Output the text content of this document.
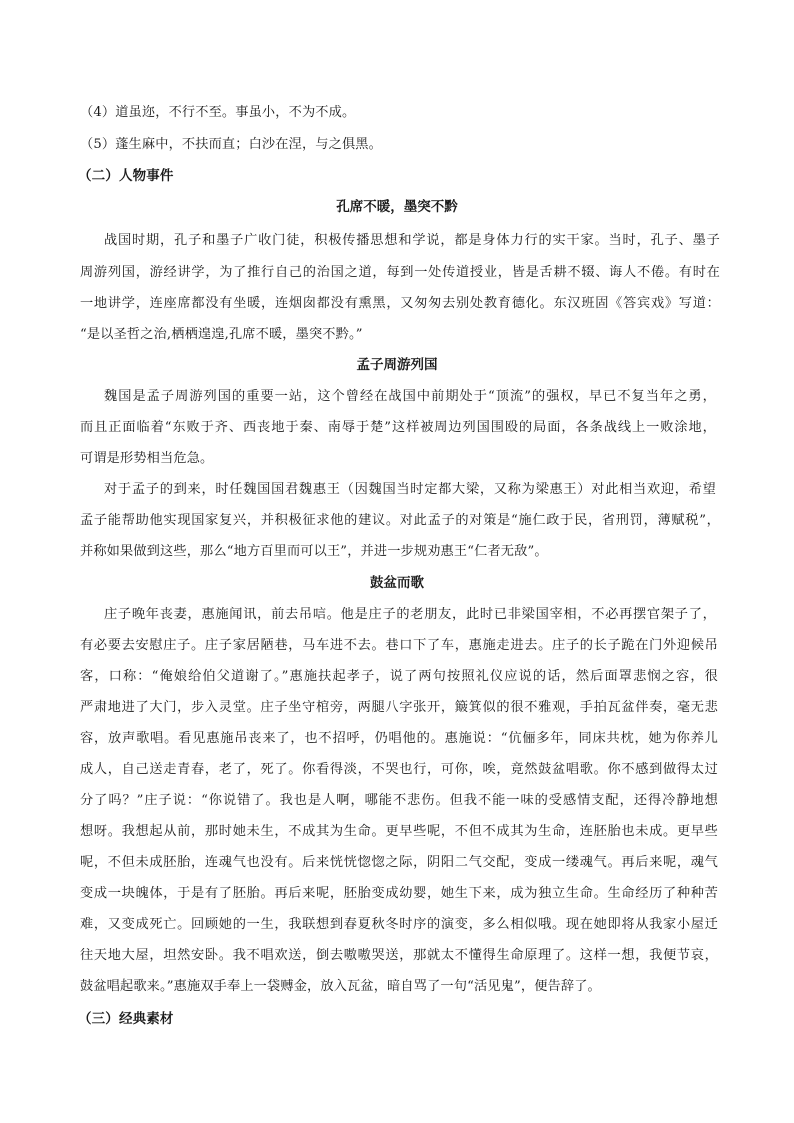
（4）道虽迩，不行不至。事虽小，不为不成。
（5）蓬生麻中，不扶而直；白沙在涅，与之俱黑。
（二）人物事件
孔席不暖，墨突不黔
战国时期，孔子和墨子广收门徒，积极传播思想和学说，都是身体力行的实干家。当时，孔子、墨子
周游列国，游经讲学，为了推行自己的治国之道，每到一处传道授业，皆是舌耕不辍、诲人不倦。有时在
一地讲学，连座席都没有坐暖，连烟囱都没有熏黑，又匆匆去别处教育德化。东汉班固《答宾戏》写道：
“是以圣哲之治,栖栖遑遑,孔席不暖，墨突不黔。”
孟子周游列国
魏国是孟子周游列国的重要一站，这个曾经在战国中前期处于“顶流”的强权，早已不复当年之勇，
而且正面临着“东败于齐、西丧地于秦、南辱于楚”这样被周边列国围殴的局面，各条战线上一败涂地，
可谓是形势相当危急。
对于孟子的到来，时任魏国国君魏惠王（因魏国当时定都大梁，又称为梁惠王）对此相当欢迎，希望
孟子能帮助他实现国家复兴，并积极征求他的建议。对此孟子的对策是“施仁政于民，省刑罚，薄赋税”，
并称如果做到这些，那么“地方百里而可以王”，并进一步规劝惠王“仁者无敌”。
鼓盆而歌
庄子晚年丧妻，惠施闻讯，前去吊唁。他是庄子的老朋友，此时已非梁国宰相，不必再摆官架子了，
有必要去安慰庄子。庄子家居陋巷，马车进不去。巷口下了车，惠施走进去。庄子的长子跪在门外迎候吊
客，口称：“俺娘给伯父道谢了。”惠施扶起孝子，说了两句按照礼仪应说的话，然后面罩悲悯之容，很
严肃地进了大门，步入灵堂。庄子坐守棺旁，两腿八字张开，簸箕似的很不雅观，手拍瓦盆伴奏，毫无悲
容，放声歌唱。看见惠施吊丧来了，也不招呼，仍唱他的。惠施说：“伉俪多年，同床共枕，她为你养儿
成人，自己送走青春，老了，死了。你看得淡，不哭也行，可你，唉，竟然鼓盆唱歌。你不感到做得太过
分了吗？”庄子说：“你说错了。我也是人啊，哪能不悲伤。但我不能一味的受感情支配，还得冷静地想
想呀。我想起从前，那时她未生，不成其为生命。更早些呢，不但不成其为生命，连胚胎也未成。更早些
呢，不但未成胚胎，连魂气也没有。后来恍恍惚惚之际，阴阳二气交配，变成一缕魂气。再后来呢，魂气
变成一块魄体，于是有了胚胎。再后来呢，胚胎变成幼婴，她生下来，成为独立生命。生命经历了种种苦
难，又变成死亡。回顾她的一生，我联想到春夏秋冬时序的演变，多么相似哦。现在她即将从我家小屋迁
往天地大屋，坦然安卧。我不唱欢送，倒去嗷嗷哭送，那就太不懂得生命原理了。这样一想，我便节哀，
鼓盆唱起歌来。”惠施双手奉上一袋赙金，放入瓦盆，暗自骂了一句“活见鬼”，便告辞了。
（三）经典素材
